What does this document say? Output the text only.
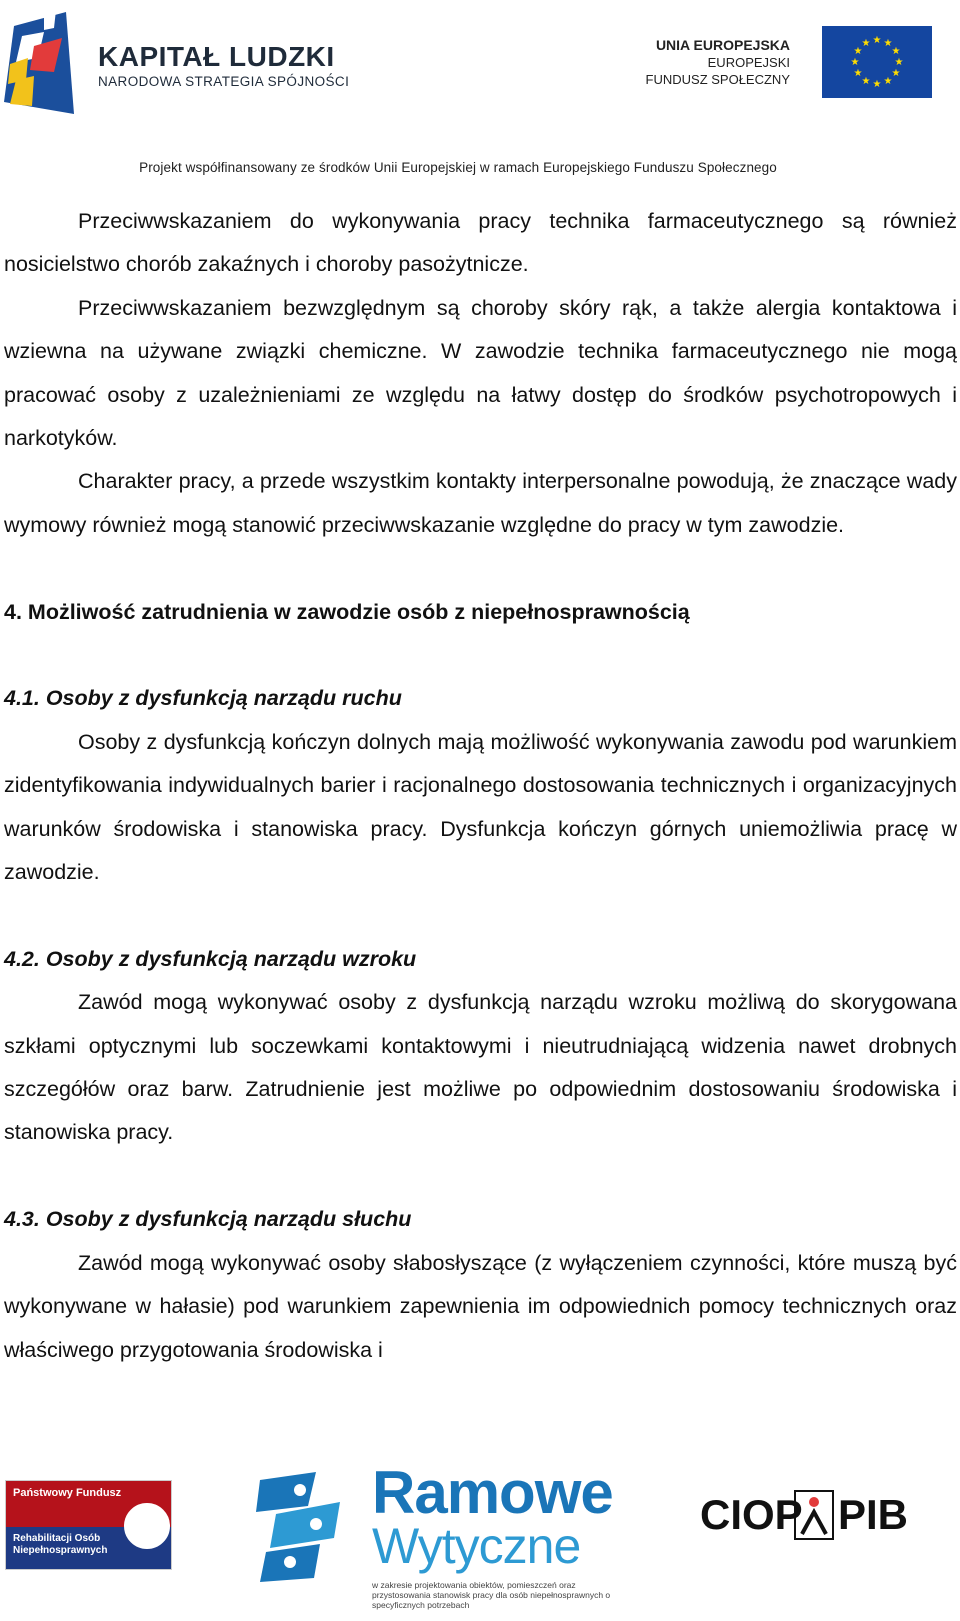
KAPITAŁ LUDZKI
NARODOWA STRATEGIA SPÓJNOŚCI
UNIA EUROPEJSKA
EUROPEJSKI
FUNDUSZ SPOŁECZNY
★ ★
★
★
★
★
★
★
★
★
★
★
Projekt współfinansowany ze środków Unii Europejskiej w ramach Europejskiego Funduszu Społecznego

Przeciwwskazaniem do wykonywania pracy technika farmaceutycznego są również nosicielstwo chorób zakaźnych i choroby pasożytnicze.

Przeciwwskazaniem bezwzględnym są choroby skóry rąk, a także alergia kontaktowa i wziewna na używane związki chemiczne. W zawodzie technika farmaceutycznego nie mogą pracować osoby z uzależnieniami ze względu na łatwy dostęp do środków psychotropowych i narkotyków.

Charakter pracy, a przede wszystkim kontakty interpersonalne powodują, że znaczące wady wymowy również mogą stanowić przeciwwskazanie względne do pracy w tym zawodzie.

4. Możliwość zatrudnienia w zawodzie osób z niepełnosprawnością
4.1. Osoby z dysfunkcją narządu ruchu

Osoby z dysfunkcją kończyn dolnych mają możliwość wykonywania zawodu pod warunkiem zidentyfikowania indywidualnych barier i racjonalnego dostosowania technicznych i organizacyjnych warunków środowiska i stanowiska pracy. Dysfunkcja kończyn górnych uniemożliwia pracę w zawodzie.

4.2. Osoby z dysfunkcją narządu wzroku

Zawód mogą wykonywać osoby z dysfunkcją narządu wzroku możliwą do skorygowana szkłami optycznymi lub soczewkami kontaktowymi i nieutrudniającą widzenia nawet drobnych szczegółów oraz barw. Zatrudnienie jest możliwe po odpowiednim dostosowaniu środowiska i stanowiska pracy.

4.3. Osoby z dysfunkcją narządu słuchu

Zawód mogą wykonywać osoby słabosłyszące (z wyłączeniem czynności, które muszą być wykonywane w hałasie) pod warunkiem zapewnienia im odpowiednich pomocy technicznych oraz właściwego przygotowania środowiska i

Państwowy Fundusz
Rehabilitacji Osób Niepełnosprawnych
Ramowe
Wytyczne
w zakresie projektowania obiektów, pomieszczeń oraz przystosowania stanowisk pracy dla osób niepełnosprawnych o specyficznych potrzebach
CIOP PIB
